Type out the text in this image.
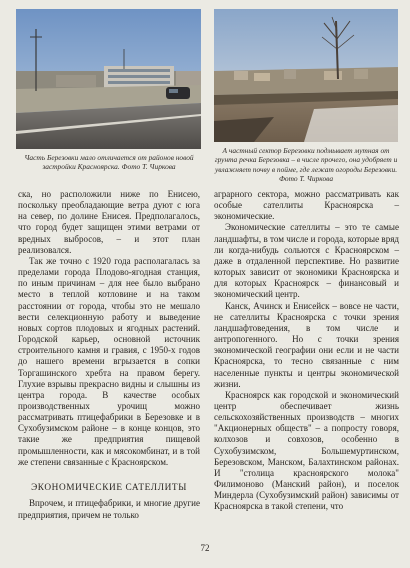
Часть Березовки мало отличается от районов новой застройки Красноярска. Фото Т. Чиркова
А частный сектор Березовки подмывает мутная от грунта речка Березовка – в числе прочего, она удобряет и увлажняет почву в пойме, где лежат огороды Березовки. Фото Т. Чиркова

ска, но расположили ниже по Енисею, поскольку преобладающие ветра дуют с юга на север, по долине Енисея. Предполагалось, что город будет защищен этими ветрами от вредных выбросов, – и этот план реализовался.

Так же точно с 1920 года располагалась за пределами города Плодово-ягодная станция, по иным причинам – для нее было выбрано место в теплой котловине и на таком расстоянии от города, чтобы это не мешало вести селекционную работу и выведение новых сортов плодовых и ягодных растений. Городской карьер, основной источник строительного камня и гравия, с 1950-х годов до нашего времени вгрызается в сопки Торгашинского хребта на правом берегу. Глухие взрывы прекрасно видны и слышны из центра города. В качестве особых производственных урочищ можно рассматривать птицефабрики в Березовке и в Сухобузимском районе – в конце концов, это такие же предприятия пищевой промышленности, как и мясокомбинат, и в той же степени связанные с Красноярском.

ЭКОНОМИЧЕСКИЕ САТЕЛЛИТЫ

Впрочем, и птицефабрики, и многие другие предприятия, причем не только

аграрного сектора, можно рассматривать как особые сателлиты Красноярска – экономические.

Экономические сателлиты – это те самые ландшафты, в том числе и города, которые вряд ли когда-нибудь сольются с Красноярском – даже в отдаленной перспективе. Но развитие которых зависит от экономики Красноярска и для которых Красноярск – финансовый и экономический центр.

Канск, Ачинск и Енисейск – вовсе не части, не сателлиты Красноярска с точки зрения ландшафтоведения, в том числе и антропогенного. Но с точки зрения экономической географии они если и не части Красноярска, то тесно связанные с ним населенные пункты и центры экономической жизни.

Красноярск как городской и экономический центр обеспечивает жизнь сельскохозяйственных производств – многих "Акционерных обществ" – а попросту говоря, колхозов и совхозов, особенно в Сухобузимском, Большемуртинском, Березовском, Манском, Балахтинском районах. И "столица красноярского молока" Филимоново (Манский район), и поселок Миндерла (Сухобузимский район) зависимы от Красноярска в такой степени, что

72
